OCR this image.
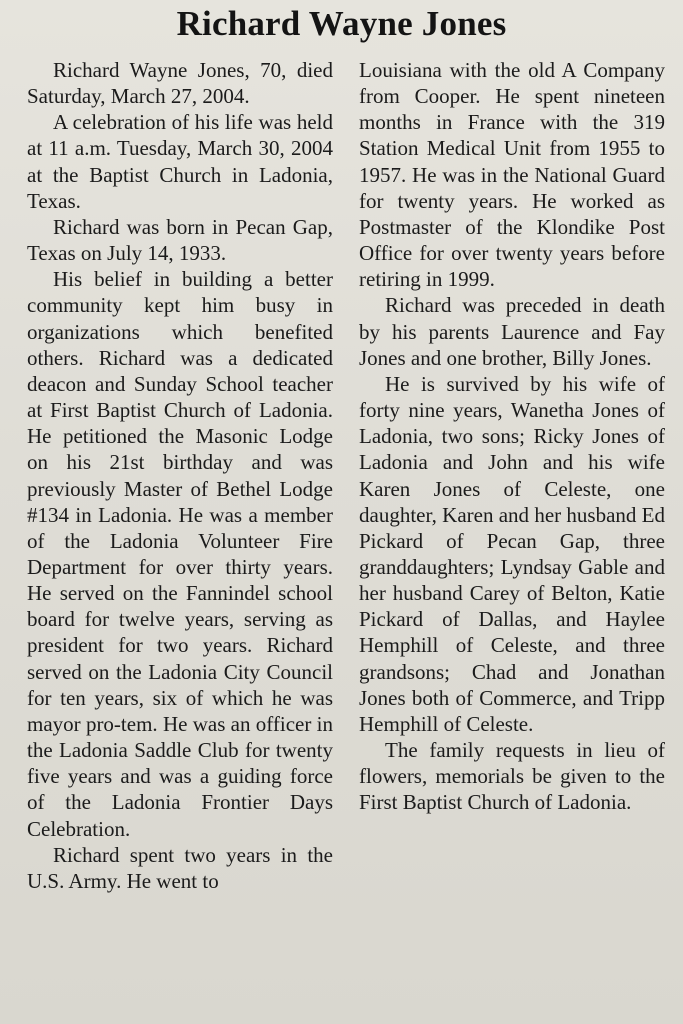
Richard Wayne Jones

Richard Wayne Jones, 70, died Saturday, March 27, 2004.

A celebration of his life was held at 11 a.m. Tuesday, March 30, 2004 at the Baptist Church in Ladonia, Texas.

Richard was born in Pecan Gap, Texas on July 14, 1933.

His belief in building a better community kept him busy in organizations which benefited others. Richard was a dedicated deacon and Sunday School teacher at First Baptist Church of Ladonia. He petitioned the Masonic Lodge on his 21st birthday and was previously Master of Bethel Lodge #134 in Ladonia. He was a member of the Ladonia Volunteer Fire Department for over thirty years. He served on the Fannindel school board for twelve years, serving as president for two years. Richard served on the Ladonia City Council for ten years, six of which he was mayor pro-tem. He was an officer in the Ladonia Saddle Club for twenty five years and was a guiding force of the Ladonia Frontier Days Celebration.

Richard spent two years in the U.S. Army. He went to

Louisiana with the old A Company from Cooper. He spent nineteen months in France with the 319 Station Medical Unit from 1955 to 1957. He was in the National Guard for twenty years. He worked as Postmaster of the Klondike Post Office for over twenty years before retiring in 1999.

Richard was preceded in death by his parents Laurence and Fay Jones and one brother, Billy Jones.

He is survived by his wife of forty nine years, Wanetha Jones of Ladonia, two sons; Ricky Jones of Ladonia and John and his wife Karen Jones of Celeste, one daughter, Karen and her husband Ed Pickard of Pecan Gap, three granddaughters; Lyndsay Gable and her husband Carey of Belton, Katie Pickard of Dallas, and Haylee Hemphill of Celeste, and three grandsons; Chad and Jonathan Jones both of Commerce, and Tripp Hemphill of Celeste.

The family requests in lieu of flowers, memorials be given to the First Baptist Church of Ladonia.
